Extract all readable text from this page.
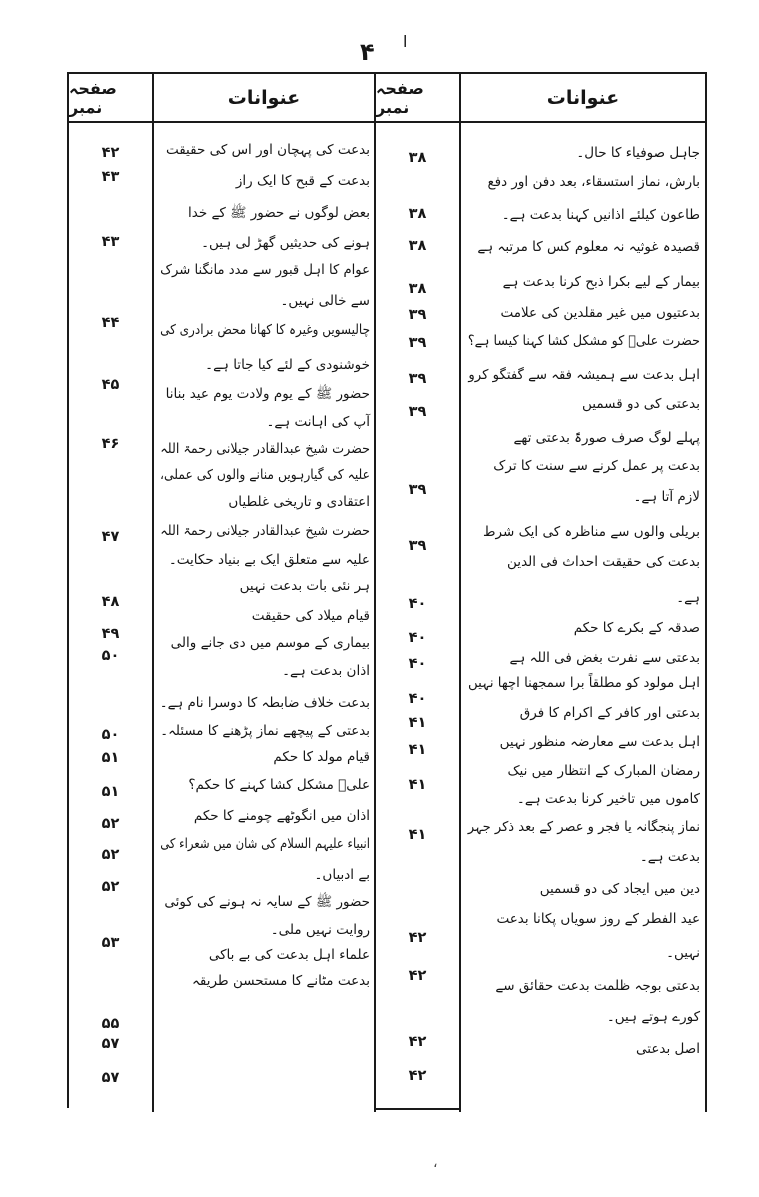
۴ ا
،
عنوانات
صفحہ نمبر
عنوانات
صفحہ نمبر
جاہل صوفیاء کا حال۔
بارش، نماز استسقاء، بعد دفن اور دفع
طاعون کیلئے اذانیں کہنا بدعت ہے۔
قصیدہ غوثیہ نہ معلوم کس کا مرتبہ ہے
بیمار کے لیے بکرا ذبح کرنا بدعت ہے
بدعتیوں میں غیر مقلدین کی علامت
حضرت علیؓ کو مشکل کشا کہنا کیسا ہے؟
اہل بدعت سے ہمیشہ فقہ سے گفتگو کرو
بدعتی کی دو قسمیں
پہلے لوگ صرف صورۃً بدعتی تھے
بدعت پر عمل کرنے سے سنت کا ترک
لازم آتا ہے۔
بریلی والوں سے مناظرہ کی ایک شرط
بدعت کی حقیقت احداث فی الدین
ہے۔
صدقہ کے بکرے کا حکم
بدعتی سے نفرت بغض فی اللہ ہے
اہل مولود کو مطلقاً برا سمجھنا اچھا نہیں
بدعتی اور کافر کے اکرام کا فرق
اہل بدعت سے معارضہ منظور نہیں
رمضان المبارک کے انتظار میں نیک
کاموں میں تاخیر کرنا بدعت ہے۔
نماز پنجگانہ یا فجر و عصر کے بعد ذکر جہر
بدعت ہے۔
دین میں ایجاد کی دو قسمیں
عید الفطر کے روز سویاں پکانا بدعت
نہیں۔
بدعتی بوجہ ظلمت بدعت حقائق سے
کورے ہوتے ہیں۔
اصل بدعتی
۳۸
۳۸
۳۸
۳۸
۳۹
۳۹
۳۹
۳۹
۳۹
۳۹
۴۰
۴۰
۴۰
۴۰
۴۱
۴۱
۴۱
۴۱
۴۲
۴۲
۴۲
۴۲
بدعت کی پہچان اور اس کی حقیقت
بدعت کے قبح کا ایک راز
بعض لوگوں نے حضور ﷺ کے خدا
ہونے کی حدیثیں گھڑ لی ہیں۔
عوام کا اہل قبور سے مدد مانگنا شرک
سے خالی نہیں۔
چالیسویں وغیرہ کا کھانا محض برادری کی
خوشنودی کے لئے کیا جاتا ہے۔
حضور ﷺ کے یوم ولادت یوم عید بنانا
آپ کی اہانت ہے۔
حضرت شیخ عبدالقادر جیلانی رحمۃ اللہ
علیہ کی گیارہویں منانے والوں کی عملی،
اعتقادی و تاریخی غلطیاں
حضرت شیخ عبدالقادر جیلانی رحمۃ اللہ
علیہ سے متعلق ایک بے بنیاد حکایت۔
ہر نئی بات بدعت نہیں
قیام میلاد کی حقیقت
بیماری کے موسم میں دی جانے والی
اذان بدعت ہے۔
بدعت خلاف ضابطہ کا دوسرا نام ہے۔
بدعتی کے پیچھے نماز پڑھنے کا مسئلہ۔
قیام مولد کا حکم
علیؓ مشکل کشا کہنے کا حکم؟
اذان میں انگوٹھے چومنے کا حکم
انبیاء علیہم السلام کی شان میں شعراء کی
بے ادبیاں۔
حضور ﷺ کے سایہ نہ ہونے کی کوئی
روایت نہیں ملی۔
علماء اہل بدعت کی بے باکی
بدعت مٹانے کا مستحسن طریقہ
۴۲
۴۳
۴۳
۴۴
۴۵
۴۶
۴۷
۴۸
۴۹
۵۰
۵۰
۵۱
۵۱
۵۲
۵۲
۵۲
۵۳
۵۵
۵۷
۵۷
